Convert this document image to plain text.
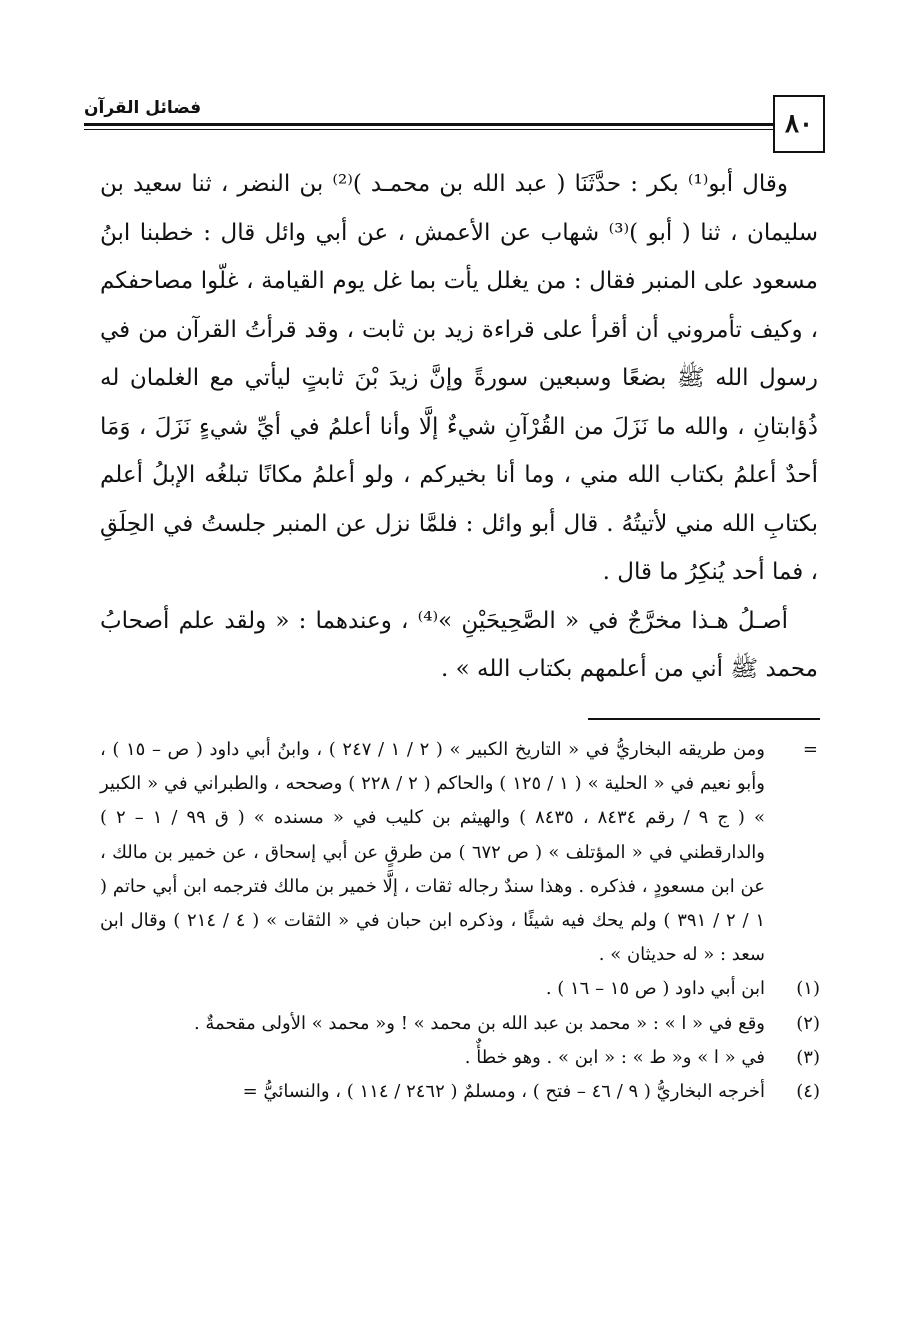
٨٠
فضائل القرآن

وقال أبو⁽¹⁾ بكر : حدَّثَنَا ( عبد الله بن محمـد )⁽²⁾ بن النضر ، ثنا سعيد بن سليمان ، ثنا ( أبو )⁽³⁾ شهاب عن الأعمش ، عن أبي وائل قال : خطبنا ابنُ مسعود على المنبر فقال : من يغلل يأت بما غل يوم القيامة ، غلّوا مصاحفكم ، وكيف تأمروني أن أقرأ على قراءة زيد بن ثابت ، وقد قرأتُ القرآن من في رسول الله ﷺ بضعًا وسبعين سورةً وإنَّ زيدَ بْنَ ثابتٍ ليأتي مع الغلمان له ذُؤابتانِ ، والله ما نَزَلَ من القُرْآنِ شيءٌ إلَّا وأنا أعلمُ في أيِّ شيءٍ نَزَلَ ، وَمَا أحدٌ أعلمُ بكتاب الله مني ، وما أنا بخيركم ، ولو أعلمُ مكانًا تبلغُه الإبلُ أعلم بكتابِ الله مني لأتيتُهُ . قال أبو وائل : فلمَّا نزل عن المنبر جلستُ في الحِلَقِ ، فما أحد يُنكِرُ ما قال .

أصـلُ هـذا مخرَّجٌ في « الصَّحِيحَيْنِ »⁽⁴⁾ ، وعندهما : « ولقد علم أصحابُ محمد ﷺ أني من أعلمهم بكتاب الله » .

=
ومن طريقه البخاريُّ في « التاريخ الكبير » ( ٢ / ١ / ٢٤٧ ) ، وابنُ أبي داود ( ص – ١٥ ) ، وأبو نعيم في « الحلية » ( ١ / ١٢٥ ) والحاكم ( ٢ / ٢٢٨ ) وصححه ، والطبراني في « الكبير » ( ج ٩ / رقم ٨٤٣٤ ، ٨٤٣٥ ) والهيثم بن كليب في « مسنده » ( ق ٩٩ / ١ – ٢ ) والدارقطني في « المؤتلف » ( ص ٦٧٢ ) من طرقٍ عن أبي إسحاق ، عن خمير بن مالك ، عن ابن مسعودٍ ، فذكره . وهذا سندٌ رجاله ثقات ، إلَّا خمير بن مالك فترجمه ابن أبي حاتم ( ١ / ٢ / ٣٩١ ) ولم يحك فيه شيئًا ، وذكره ابن حبان في « الثقات » ( ٤ / ٢١٤ ) وقال ابن سعد : « له حديثان » .
(١)
ابن أبي داود ( ص ١٥ – ١٦ ) .
(٢)
وقع في « ا » : « محمد بن عبد الله بن محمد » ! و« محمد » الأولى مقحمةٌ .
(٣)
في « ا » و« ط » : « ابن » . وهو خطأٌ .
(٤)
أخرجه البخاريُّ ( ٩ / ٤٦ – فتح ) ، ومسلمٌ ( ٢٤٦٢ / ١١٤ ) ، والنسائيُّ =
